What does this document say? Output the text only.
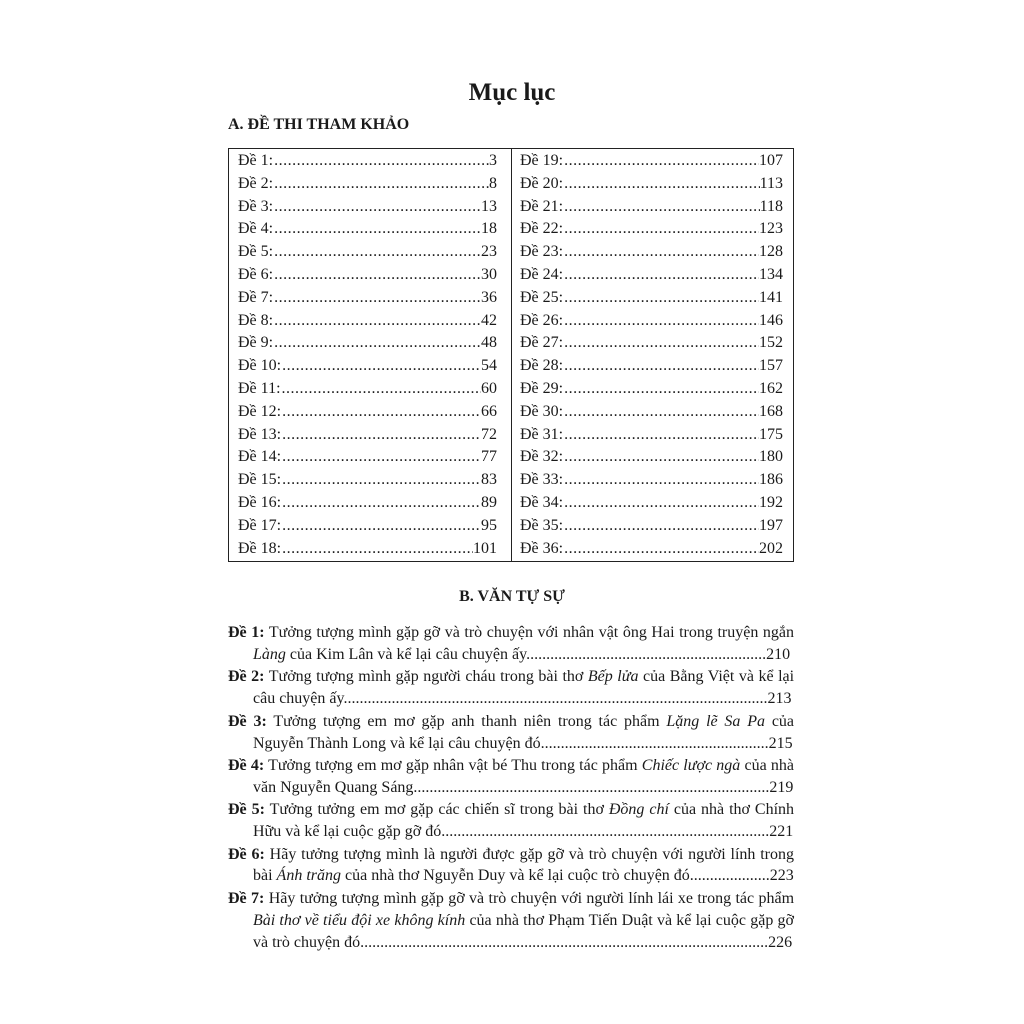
Mục lục
A. ĐỀ THI THAM KHẢO
Đề 1: .....	3
Đề 2: .....	8
Đề 3: .....	13
Đề 4: .....	18
Đề 5: .....	23
Đề 6: .....	30
Đề 7: .....	36
Đề 8: .....	42
Đề 9: .....	48
Đề 10: .....	54
Đề 11: .....	60
Đề 12: .....	66
Đề 13: .....	72
Đề 14: .....	77
Đề 15: .....	83
Đề 16: .....	89
Đề 17: .....	95
Đề 18: .....	101
Đề 19: .....	107
Đề 20: .....	113
Đề 21: .....	118
Đề 22: .....	123
Đề 23: .....	128
Đề 24: .....	134
Đề 25: .....	141
Đề 26: .....	146
Đề 27: .....	152
Đề 28: .....	157
Đề 29: .....	162
Đề 30: .....	168
Đề 31: .....	175
Đề 32: .....	180
Đề 33: .....	186
Đề 34: .....	192
Đề 35: .....	197
Đề 36: .....	202
B. VĂN TỰ SỰ
Đề 1: Tưởng tượng mình gặp gỡ và trò chuyện với nhân vật ông Hai trong truyện ngắn Làng của Kim Lân và kể lại câu chuyện ấy............................................................210
Đề 2: Tưởng tượng mình gặp người cháu trong bài thơ Bếp lửa của Bằng Việt và kể lại câu chuyện ấy..........................................................................................................213
Đề 3: Tưởng tượng em mơ gặp anh thanh niên trong tác phẩm Lặng lẽ Sa Pa của Nguyễn Thành Long và kể lại câu chuyện đó.........................................................215
Đề 4: Tưởng tượng em mơ gặp nhân vật bé Thu trong tác phẩm Chiếc lược ngà của nhà văn Nguyễn Quang Sáng.........................................................................................219
Đề 5: Tưởng tưởng em mơ gặp các chiến sĩ trong bài thơ Đồng chí của nhà thơ Chính Hữu và kể lại cuộc gặp gỡ đó..................................................................................221
Đề 6: Hãy tưởng tượng mình là người được gặp gỡ và trò chuyện với người lính trong bài Ánh trăng của nhà thơ Nguyễn Duy và kể lại cuộc trò chuyện đó....................223
Đề 7: Hãy tưởng tượng mình gặp gỡ và trò chuyện với người lính lái xe trong tác phẩm Bài thơ về tiểu đội xe không kính của nhà thơ Phạm Tiến Duật và kể lại cuộc gặp gỡ và trò chuyện đó......................................................................................................226
